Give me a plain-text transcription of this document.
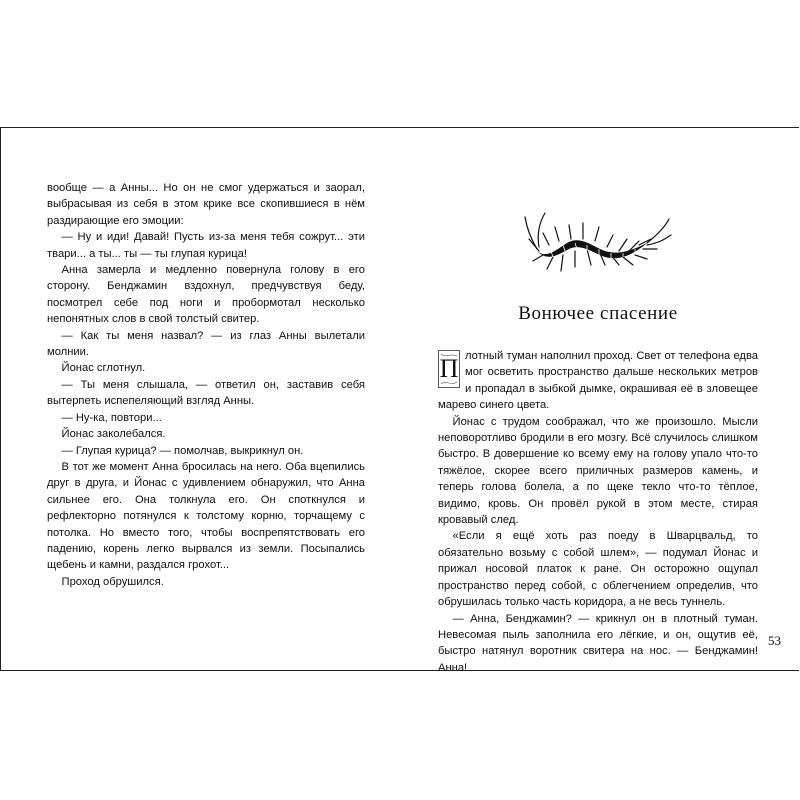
вообще — а Анны... Но он не смог удержаться и заорал, выбрасывая из себя в этом крике все скопившиеся в нём раздирающие его эмоции:

— Ну и иди! Давай! Пусть из-за меня тебя сожрут... эти твари... а ты... ты — ты глупая курица!

Анна замерла и медленно повернула голову в его сторону. Бенджамин вздохнул, предчувствуя беду, посмотрел себе под ноги и пробормотал несколько непонятных слов в свой толстый свитер.

— Как ты меня назвал? — из глаз Анны вылетали молнии.

Йонас сглотнул.

— Ты меня слышала, — ответил он, заставив себя вытерпеть испепеляющий взгляд Анны.

— Ну-ка, повтори...

Йонас заколебался.

— Глупая курица? — помолчав, выкрикнул он.

В тот же момент Анна бросилась на него. Оба вцепились друг в друга, и Йонас с удивлением обнаружил, что Анна сильнее его. Она толкнула его. Он споткнулся и рефлекторно потянулся к толстому корню, торчащему с потолка. Но вместо того, чтобы воспрепятствовать его падению, корень легко вырвался из земли. Посыпались щебень и камни, раздался грохот...

Проход обрушился.

Вонючее спасение

П лотный туман наполнил проход. Свет от телефона едва мог осветить пространство дальше нескольких метров и пропадал в зыбкой дымке, окрашивая её в зловещее марево синего цвета.

Йонас с трудом соображал, что же произошло. Мысли неповоротливо бродили в его мозгу. Всё случилось слишком быстро. В довершение ко всему ему на голову упало что-то тяжёлое, скорее всего приличных размеров камень, и теперь голова болела, а по щеке текло что-то тёплое, видимо, кровь. Он провёл рукой в этом месте, стирая кровавый след.

«Если я ещё хоть раз поеду в Шварцвальд, то обязательно возьму с собой шлем», — подумал Йонас и прижал носовой платок к ране. Он осторожно ощупал пространство перед собой, с облегчением определив, что обрушилась только часть коридора, а не весь туннель.

— Анна, Бенджамин? — крикнул он в плотный туман. Невесомая пыль заполнила его лёгкие, и он, ощутив её, быстро натянул воротник свитера на нос. — Бенджамин! Анна!

53
